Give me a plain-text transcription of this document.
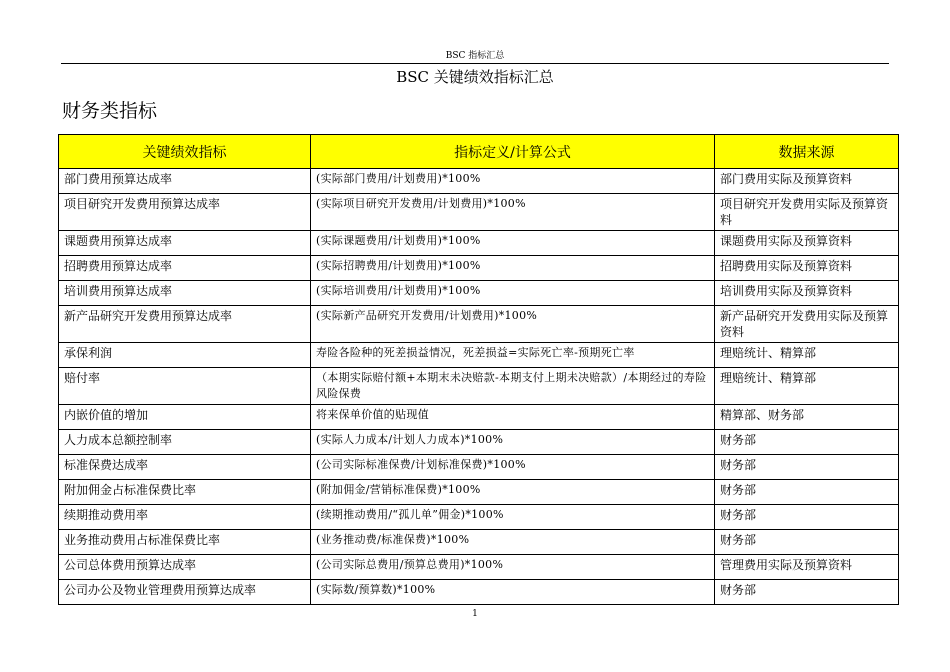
BSC 指标汇总
BSC 关键绩效指标汇总
财务类指标
关键绩效指标	指标定义/计算公式	数据来源
部门费用预算达成率	(实际部门费用/计划费用)*100%	部门费用实际及预算资料
项目研究开发费用预算达成率	(实际项目研究开发费用/计划费用)*100%	项目研究开发费用实际及预算资料
课题费用预算达成率	(实际课题费用/计划费用)*100%	课题费用实际及预算资料
招聘费用预算达成率	(实际招聘费用/计划费用)*100%	招聘费用实际及预算资料
培训费用预算达成率	(实际培训费用/计划费用)*100%	培训费用实际及预算资料
新产品研究开发费用预算达成率	(实际新产品研究开发费用/计划费用)*100%	新产品研究开发费用实际及预算资料
承保利润	寿险各险种的死差损益情况，死差损益=实际死亡率-预期死亡率	理赔统计、精算部
赔付率	（本期实际赔付额+本期末未决赔款-本期支付上期未决赔款）/本期经过的寿险风险保费	理赔统计、精算部
内嵌价值的增加	将来保单价值的贴现值	精算部、财务部
人力成本总额控制率	(实际人力成本/计划人力成本)*100%	财务部
标准保费达成率	(公司实际标准保费/计划标准保费)*100%	财务部
附加佣金占标准保费比率	(附加佣金/营销标准保费)*100%	财务部
续期推动费用率	(续期推动费用/“孤儿单”佣金)*100%	财务部
业务推动费用占标准保费比率	(业务推动费/标准保费)*100%	财务部
公司总体费用预算达成率	(公司实际总费用/预算总费用)*100%	管理费用实际及预算资料
公司办公及物业管理费用预算达成率	(实际数/预算数)*100%	财务部
1
